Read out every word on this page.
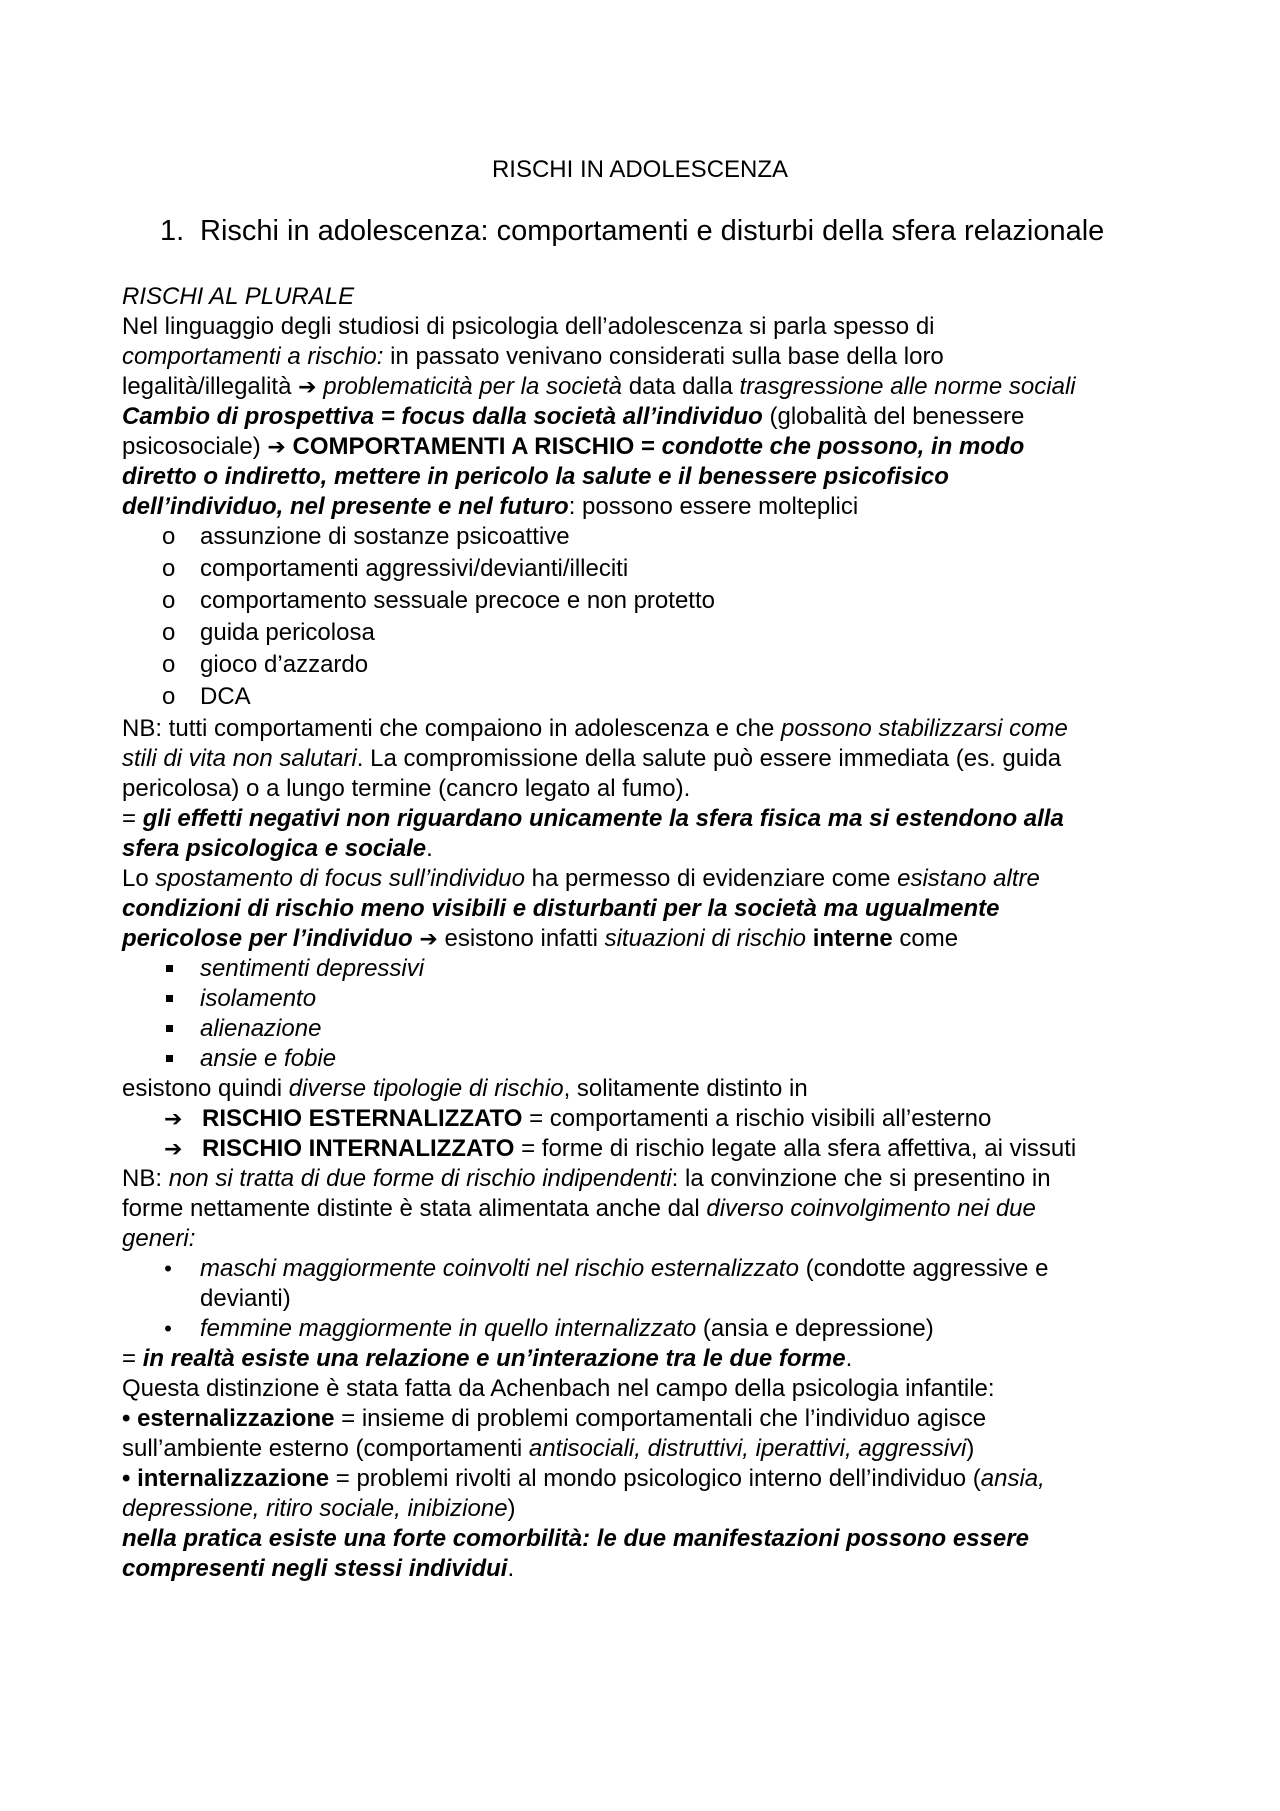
RISCHI IN ADOLESCENZA
1. Rischi in adolescenza: comportamenti e disturbi della sfera relazionale
RISCHI AL PLURALE
Nel linguaggio degli studiosi di psicologia dell’adolescenza si parla spesso di
comportamenti a rischio: in passato venivano considerati sulla base della loro
legalità/illegalità ➔ problematicità per la società data dalla trasgressione alle norme sociali
Cambio di prospettiva = focus dalla società all’individuo (globalità del benessere
psicosociale) ➔ COMPORTAMENTI A RISCHIO = condotte che possono, in modo
diretto o indiretto, mettere in pericolo la salute e il benessere psicofisico
dell’individuo, nel presente e nel futuro: possono essere molteplici
o assunzione di sostanze psicoattive
o comportamenti aggressivi/devianti/illeciti
o comportamento sessuale precoce e non protetto
o guida pericolosa
o gioco d’azzardo
o DCA
NB: tutti comportamenti che compaiono in adolescenza e che possono stabilizzarsi come
stili di vita non salutari. La compromissione della salute può essere immediata (es. guida
pericolosa) o a lungo termine (cancro legato al fumo).
= gli effetti negativi non riguardano unicamente la sfera fisica ma si estendono alla
sfera psicologica e sociale.
Lo spostamento di focus sull’individuo ha permesso di evidenziare come esistano altre
condizioni di rischio meno visibili e disturbanti per la società ma ugualmente
pericolose per l’individuo ➔ esistono infatti situazioni di rischio interne come
sentimenti depressivi
isolamento
alienazione
ansie e fobie
esistono quindi diverse tipologie di rischio, solitamente distinto in
➔ RISCHIO ESTERNALIZZATO = comportamenti a rischio visibili all’esterno
➔ RISCHIO INTERNALIZZATO = forme di rischio legate alla sfera affettiva, ai vissuti
NB: non si tratta di due forme di rischio indipendenti: la convinzione che si presentino in
forme nettamente distinte è stata alimentata anche dal diverso coinvolgimento nei due
generi:
• maschi maggiormente coinvolti nel rischio esternalizzato (condotte aggressive e
devianti)
• femmine maggiormente in quello internalizzato (ansia e depressione)
= in realtà esiste una relazione e un’interazione tra le due forme.
Questa distinzione è stata fatta da Achenbach nel campo della psicologia infantile:
• esternalizzazione = insieme di problemi comportamentali che l’individuo agisce
sull’ambiente esterno (comportamenti antisociali, distruttivi, iperattivi, aggressivi)
• internalizzazione = problemi rivolti al mondo psicologico interno dell’individuo (ansia,
depressione, ritiro sociale, inibizione)
nella pratica esiste una forte comorbilità: le due manifestazioni possono essere
compresenti negli stessi individui.
